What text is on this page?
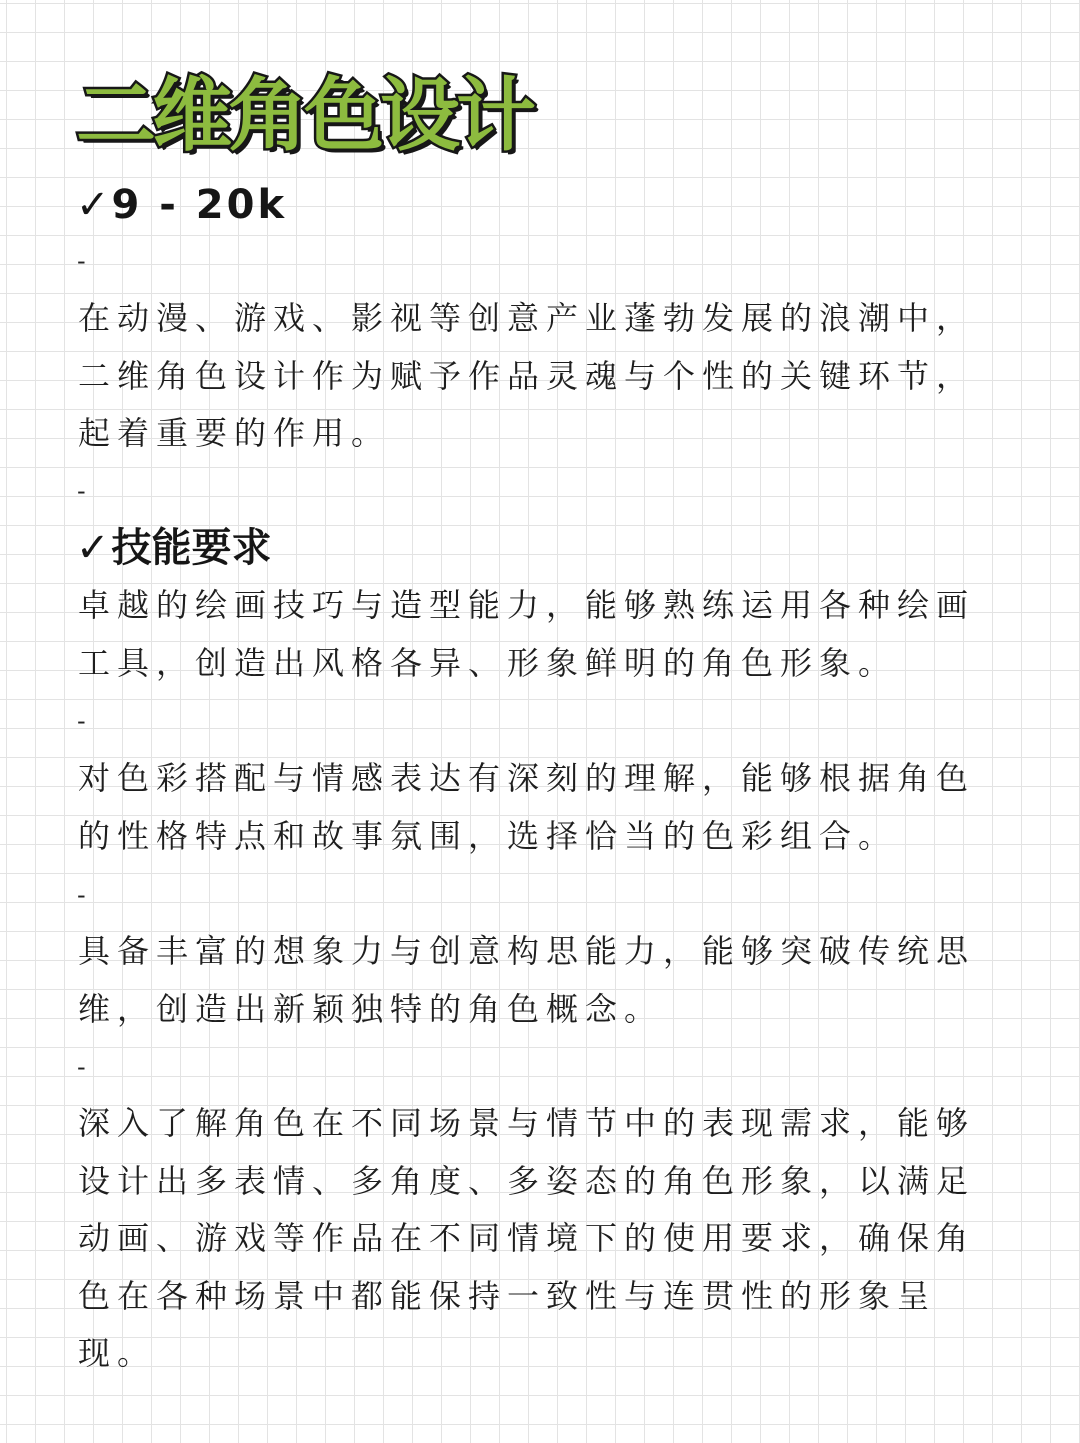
二维角色设计
✓9 - 20k
-

在动漫、游戏、影视等创意产业蓬勃发展的浪潮中，二维角色设计作为赋予作品灵魂与个性的关键环节，起着重要的作用。

-
✓技能要求

卓越的绘画技巧与造型能力，能够熟练运用各种绘画工具，创造出风格各异、形象鲜明的角色形象。

-

对色彩搭配与情感表达有深刻的理解，能够根据角色的性格特点和故事氛围，选择恰当的色彩组合。

-

具备丰富的想象力与创意构思能力，能够突破传统思维，创造出新颖独特的角色概念。

-

深入了解角色在不同场景与情节中的表现需求，能够设计出多表情、多角度、多姿态的角色形象，以满足动画、游戏等作品在不同情境下的使用要求，确保角色在各种场景中都能保持一致性与连贯性的形象呈现。
